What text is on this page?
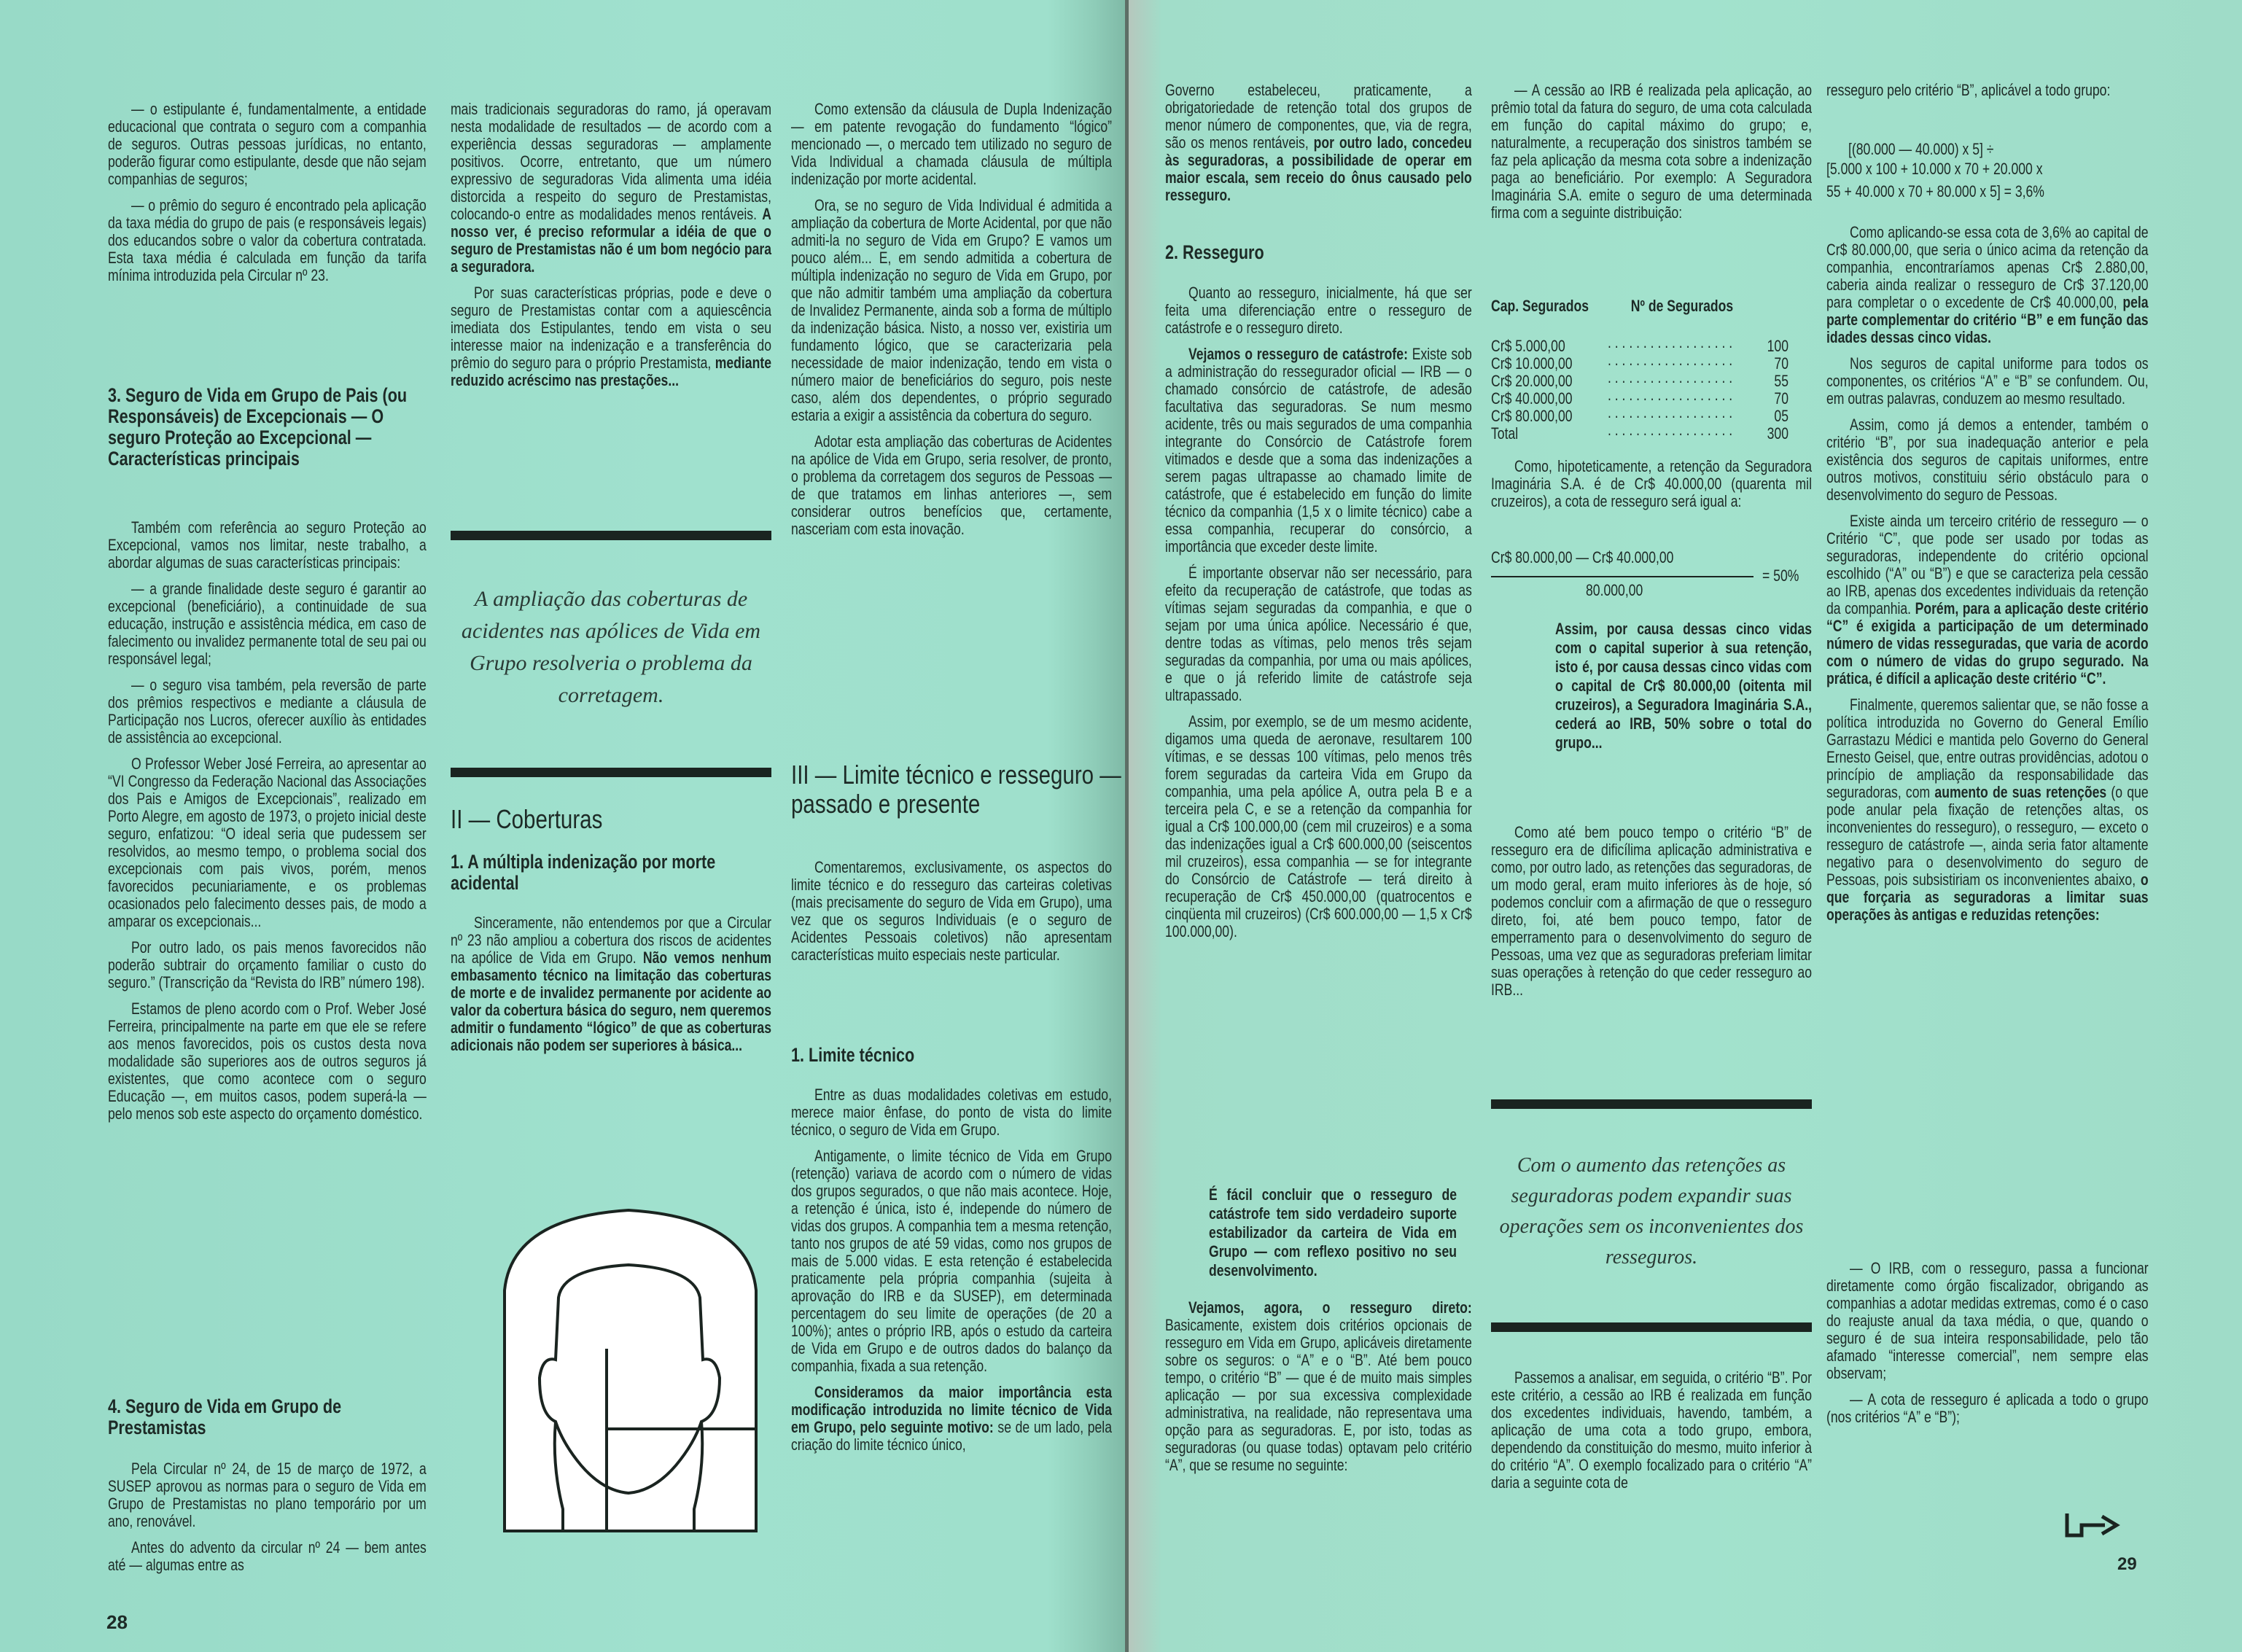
— o estipulante é, fundamentalmente, a entidade educacional que contrata o seguro com a companhia de seguros. Outras pessoas jurídicas, no entanto, poderão figurar como estipulante, desde que não sejam companhias de seguros;

— o prêmio do seguro é encontrado pela aplicação da taxa média do grupo de pais (e responsáveis legais) dos educandos sobre o valor da cobertura contratada. Esta taxa média é calculada em função da tarifa mínima introduzida pela Circular nº 23.

3. Seguro de Vida em Grupo de Pais (ou Responsáveis) de Excepcionais — O seguro Proteção ao Excepcional — Características principais

Também com referência ao seguro Proteção ao Excepcional, vamos nos limitar, neste trabalho, a abordar algumas de suas características principais:

— a grande finalidade deste seguro é garantir ao excepcional (beneficiário), a continuidade de sua educação, instrução e assistência médica, em caso de falecimento ou invalidez permanente total de seu pai ou responsável legal;

— o seguro visa também, pela reversão de parte dos prêmios respectivos e mediante a cláusula de Participação nos Lucros, oferecer auxílio às entidades de assistência ao excepcional.

O Professor Weber José Ferreira, ao apresentar ao “VI Congresso da Federação Nacional das Associações dos Pais e Amigos de Excepcionais”, realizado em Porto Alegre, em agosto de 1973, o projeto inicial deste seguro, enfatizou: “O ideal seria que pudessem ser resolvidos, ao mesmo tempo, o problema social dos excepcionais com pais vivos, porém, menos favorecidos pecuniariamente, e os problemas ocasionados pelo falecimento desses pais, de modo a amparar os excepcionais...

Por outro lado, os pais menos favorecidos não poderão subtrair do orçamento familiar o custo do seguro.” (Transcrição da “Revista do IRB” número 198).

Estamos de pleno acordo com o Prof. Weber José Ferreira, principalmente na parte em que ele se refere aos menos favorecidos, pois os custos desta nova modalidade são superiores aos de outros seguros já existentes, que como acontece com o seguro Educação —, em muitos casos, podem superá-la — pelo menos sob este aspecto do orçamento doméstico.

4. Seguro de Vida em Grupo de Prestamistas

Pela Circular nº 24, de 15 de março de 1972, a SUSEP aprovou as normas para o seguro de Vida em Grupo de Prestamistas no plano temporário por um ano, renovável.

Antes do advento da circular nº 24 — bem antes até — algumas entre as

28

mais tradicionais seguradoras do ramo, já operavam nesta modalidade de resultados — de acordo com a experiência dessas seguradoras — amplamente positivos. Ocorre, entretanto, que um número expressivo de seguradoras Vida alimenta uma idéia distorcida a respeito do seguro de Prestamistas, colocando-o entre as modalidades menos rentáveis. A nosso ver, é preciso reformular a idéia de que o seguro de Prestamistas não é um bom negócio para a seguradora.

Por suas características próprias, pode e deve o seguro de Prestamistas contar com a aquiescência imediata dos Estipulantes, tendo em vista o seu interesse maior na indenização e a transferência do prêmio do seguro para o próprio Prestamista, mediante reduzido acréscimo nas prestações...

A ampliação das coberturas de acidentes nas apólices de Vida em Grupo resolveria o problema da corretagem.
II — Coberturas
1. A múltipla indenização por morte acidental

Sinceramente, não entendemos por que a Circular nº 23 não ampliou a cobertura dos riscos de acidentes na apólice de Vida em Grupo. Não vemos nenhum embasamento técnico na limitação das coberturas de morte e de invalidez permanente por acidente ao valor da cobertura básica do seguro, nem queremos admitir o fundamento “lógico” de que as coberturas adicionais não podem ser superiores à básica...

Como extensão da cláusula de Dupla Indenização — em patente revogação do fundamento “lógico” mencionado —, o mercado tem utilizado no seguro de Vida Individual a chamada cláusula de múltipla indenização por morte acidental.

Ora, se no seguro de Vida Individual é admitida a ampliação da cobertura de Morte Acidental, por que não admiti-la no seguro de Vida em Grupo? E vamos um pouco além... E, em sendo admitida a cobertura de múltipla indenização no seguro de Vida em Grupo, por que não admitir também uma ampliação da cobertura de Invalidez Permanente, ainda sob a forma de múltiplo da indenização básica. Nisto, a nosso ver, existiria um fundamento lógico, que se caracterizaria pela necessidade de maior indenização, tendo em vista o número maior de beneficiários do seguro, pois neste caso, além dos dependentes, o próprio segurado estaria a exigir a assistência da cobertura do seguro.

Adotar esta ampliação das coberturas de Acidentes na apólice de Vida em Grupo, seria resolver, de pronto, o problema da corretagem dos seguros de Pessoas — de que tratamos em linhas anteriores —, sem considerar outros benefícios que, certamente, nasceriam com esta inovação.

III — Limite técnico e resseguro — passado e presente

Comentaremos, exclusivamente, os aspectos do limite técnico e do resseguro das carteiras coletivas (mais precisamente do seguro de Vida em Grupo), uma vez que os seguros Individuais (e o seguro de Acidentes Pessoais coletivos) não apresentam características muito especiais neste particular.

1. Limite técnico

Entre as duas modalidades coletivas em estudo, merece maior ênfase, do ponto de vista do limite técnico, o seguro de Vida em Grupo.

Antigamente, o limite técnico de Vida em Grupo (retenção) variava de acordo com o número de vidas dos grupos segurados, o que não mais acontece. Hoje, a retenção é única, isto é, independe do número de vidas dos grupos. A companhia tem a mesma retenção, tanto nos grupos de até 59 vidas, como nos grupos de mais de 5.000 vidas. E esta retenção é estabelecida praticamente pela própria companhia (sujeita à aprovação do IRB e da SUSEP), em determinada percentagem do seu limite de operações (de 20 a 100%); antes o próprio IRB, após o estudo da carteira de Vida em Grupo e de outros dados do balanço da companhia, fixada a sua retenção.

Consideramos da maior importância esta modificação introduzida no limite técnico de Vida em Grupo, pelo seguinte motivo: se de um lado, pela criação do limite técnico único,

Governo estabeleceu, praticamente, a obrigatoriedade de retenção total dos grupos de menor número de componentes, que, via de regra, são os menos rentáveis, por outro lado, concedeu às seguradoras, a possibilidade de operar em maior escala, sem receio do ônus causado pelo resseguro.

2. Resseguro

Quanto ao resseguro, inicialmente, há que ser feita uma diferenciação entre o resseguro de catástrofe e o resseguro direto.

Vejamos o resseguro de catástrofe: Existe sob a administração do ressegurador oficial — IRB — o chamado consórcio de catástrofe, de adesão facultativa das seguradoras. Se num mesmo acidente, três ou mais segurados de uma companhia integrante do Consórcio de Catástrofe forem vitimados e desde que a soma das indenizações a serem pagas ultrapasse ao chamado limite de catástrofe, que é estabelecido em função do limite técnico da companhia (1,5 x o limite técnico) cabe a essa companhia, recuperar do consórcio, a importância que exceder deste limite.

É importante observar não ser necessário, para efeito da recuperação de catástrofe, que todas as vítimas sejam seguradas da companhia, e que o sejam por uma única apólice. Necessário é que, dentre todas as vítimas, pelo menos três sejam seguradas da companhia, por uma ou mais apólices, e que o já referido limite de catástrofe seja ultrapassado.

Assim, por exemplo, se de um mesmo acidente, digamos uma queda de aeronave, resultarem 100 vítimas, e se dessas 100 vítimas, pelo menos três forem seguradas da carteira Vida em Grupo da companhia, uma pela apólice A, outra pela B e a terceira pela C, e se a retenção da companhia for igual a Cr$ 100.000,00 (cem mil cruzeiros) e a soma das indenizações igual a Cr$ 600.000,00 (seiscentos mil cruzeiros), essa companhia — se for integrante do Consórcio de Catástrofe — terá direito à recuperação de Cr$ 450.000,00 (quatrocentos e cinqüenta mil cruzeiros) (Cr$ 600.000,00 — 1,5 x Cr$ 100.000,00).

É fácil concluir que o resseguro de catástrofe tem sido verdadeiro suporte estabilizador da carteira de Vida em Grupo — com reflexo positivo no seu desenvolvimento.

Vejamos, agora, o resseguro direto: Basicamente, existem dois critérios opcionais de resseguro em Vida em Grupo, aplicáveis diretamente sobre os seguros: o “A” e o “B”. Até bem pouco tempo, o critério “B” — que é de muito mais simples aplicação — por sua excessiva complexidade administrativa, na realidade, não representava uma opção para as seguradoras. E, por isto, todas as seguradoras (ou quase todas) optavam pelo critério “A”, que se resume no seguinte:

— A cessão ao IRB é realizada pela aplicação, ao prêmio total da fatura do seguro, de uma cota calculada em função do capital máximo do grupo; e, naturalmente, a recuperação dos sinistros também se faz pela aplicação da mesma cota sobre a indenização paga ao beneficiário. Por exemplo: A Seguradora Imaginária S.A. emite o seguro de uma determinada firma com a seguinte distribuição:

Cap. Segurados	Nº de Segurados
Cr$ 5.000,00	. . . . . . . . . . . . . . . . . . 100
Cr$ 10.000,00 . . . . . . . . . . . . . . . . . .	70
Cr$ 20.000,00 . . . . . . . . . . . . . . . . . .	55
Cr$ 40.000,00 . . . . . . . . . . . . . . . . . .	70
Cr$ 80.000,00 . . . . . . . . . . . . . . . . . .	05
Total	. . . . . . . . . . . . . . . . . . 300

Como, hipoteticamente, a retenção da Seguradora Imaginária S.A. é de Cr$ 40.000,00 (quarenta mil cruzeiros), a cota de resseguro será igual a:

Cr$ 80.000,00 — Cr$ 40.000,00
= 50%
80.000,00
Assim, por causa dessas cinco vidas com o capital superior à sua retenção, isto é, por causa dessas cinco vidas com o capital de Cr$ 80.000,00 (oitenta mil cruzeiros), a Seguradora Imaginária S.A., cederá ao IRB, 50% sobre o total do grupo...

Como até bem pouco tempo o critério “B” de resseguro era de dificílima aplicação administrativa e como, por outro lado, as retenções das seguradoras, de um modo geral, eram muito inferiores às de hoje, só podemos concluir com a afirmação de que o resseguro direto, foi, até bem pouco tempo, fator de emperramento para o desenvolvimento do seguro de Pessoas, uma vez que as seguradoras preferiam limitar suas operações à retenção do que ceder resseguro ao IRB...

Com o aumento das retenções as seguradoras podem expandir suas operações sem os inconvenientes dos resseguros.

Passemos a analisar, em seguida, o critério “B”. Por este critério, a cessão ao IRB é realizada em função dos excedentes individuais, havendo, também, a aplicação de uma cota a todo grupo, embora, dependendo da constituição do mesmo, muito inferior à do critério “A”. O exemplo focalizado para o critério “A” daria a seguinte cota de

resseguro pelo critério “B”, aplicável a todo grupo:

[(80.000 — 40.000) x 5] ÷
[5.000 x 100 + 10.000 x 70 + 20.000 x
55 + 40.000 x 70 + 80.000 x 5] = 3,6%

Como aplicando-se essa cota de 3,6% ao capital de Cr$ 80.000,00, que seria o único acima da retenção da companhia, encontraríamos apenas Cr$ 2.880,00, caberia ainda realizar o resseguro de Cr$ 37.120,00 para completar o o excedente de Cr$ 40.000,00, pela parte complementar do critério “B” e em função das idades dessas cinco vidas.

Nos seguros de capital uniforme para todos os componentes, os critérios “A” e “B” se confundem. Ou, em outras palavras, conduzem ao mesmo resultado.

Assim, como já demos a entender, também o critério “B”, por sua inadequação anterior e pela existência dos seguros de capitais uniformes, entre outros motivos, constituiu sério obstáculo para o desenvolvimento do seguro de Pessoas.

Existe ainda um terceiro critério de resseguro — o Critério “C”, que pode ser usado por todas as seguradoras, independente do critério opcional escolhido (“A” ou “B”) e que se caracteriza pela cessão ao IRB, apenas dos excedentes individuais da retenção da companhia. Porém, para a aplicação deste critério “C” é exigida a participação de um determinado número de vidas resseguradas, que varia de acordo com o número de vidas do grupo segurado. Na prática, é difícil a aplicação deste critério “C”.

Finalmente, queremos salientar que, se não fosse a política introduzida no Governo do General Emílio Garrastazu Médici e mantida pelo Governo do General Ernesto Geisel, que, entre outras providências, adotou o princípio de ampliação da responsabilidade das seguradoras, com aumento de suas retenções (o que pode anular pela fixação de retenções altas, os inconvenientes do resseguro), o resseguro, — exceto o resseguro de catástrofe —, ainda seria fator altamente negativo para o desenvolvimento do seguro de Pessoas, pois subsistiriam os inconvenientes abaixo, o que forçaria as seguradoras a limitar suas operações às antigas e reduzidas retenções:

— O IRB, com o resseguro, passa a funcionar diretamente como órgão fiscalizador, obrigando as companhias a adotar medidas extremas, como é o caso do reajuste anual da taxa média, o que, quando o seguro é de sua inteira responsabilidade, pelo tão afamado “interesse comercial”, nem sempre elas observam;

— A cota de resseguro é aplicada a todo o grupo (nos critérios “A” e “B”);

29
